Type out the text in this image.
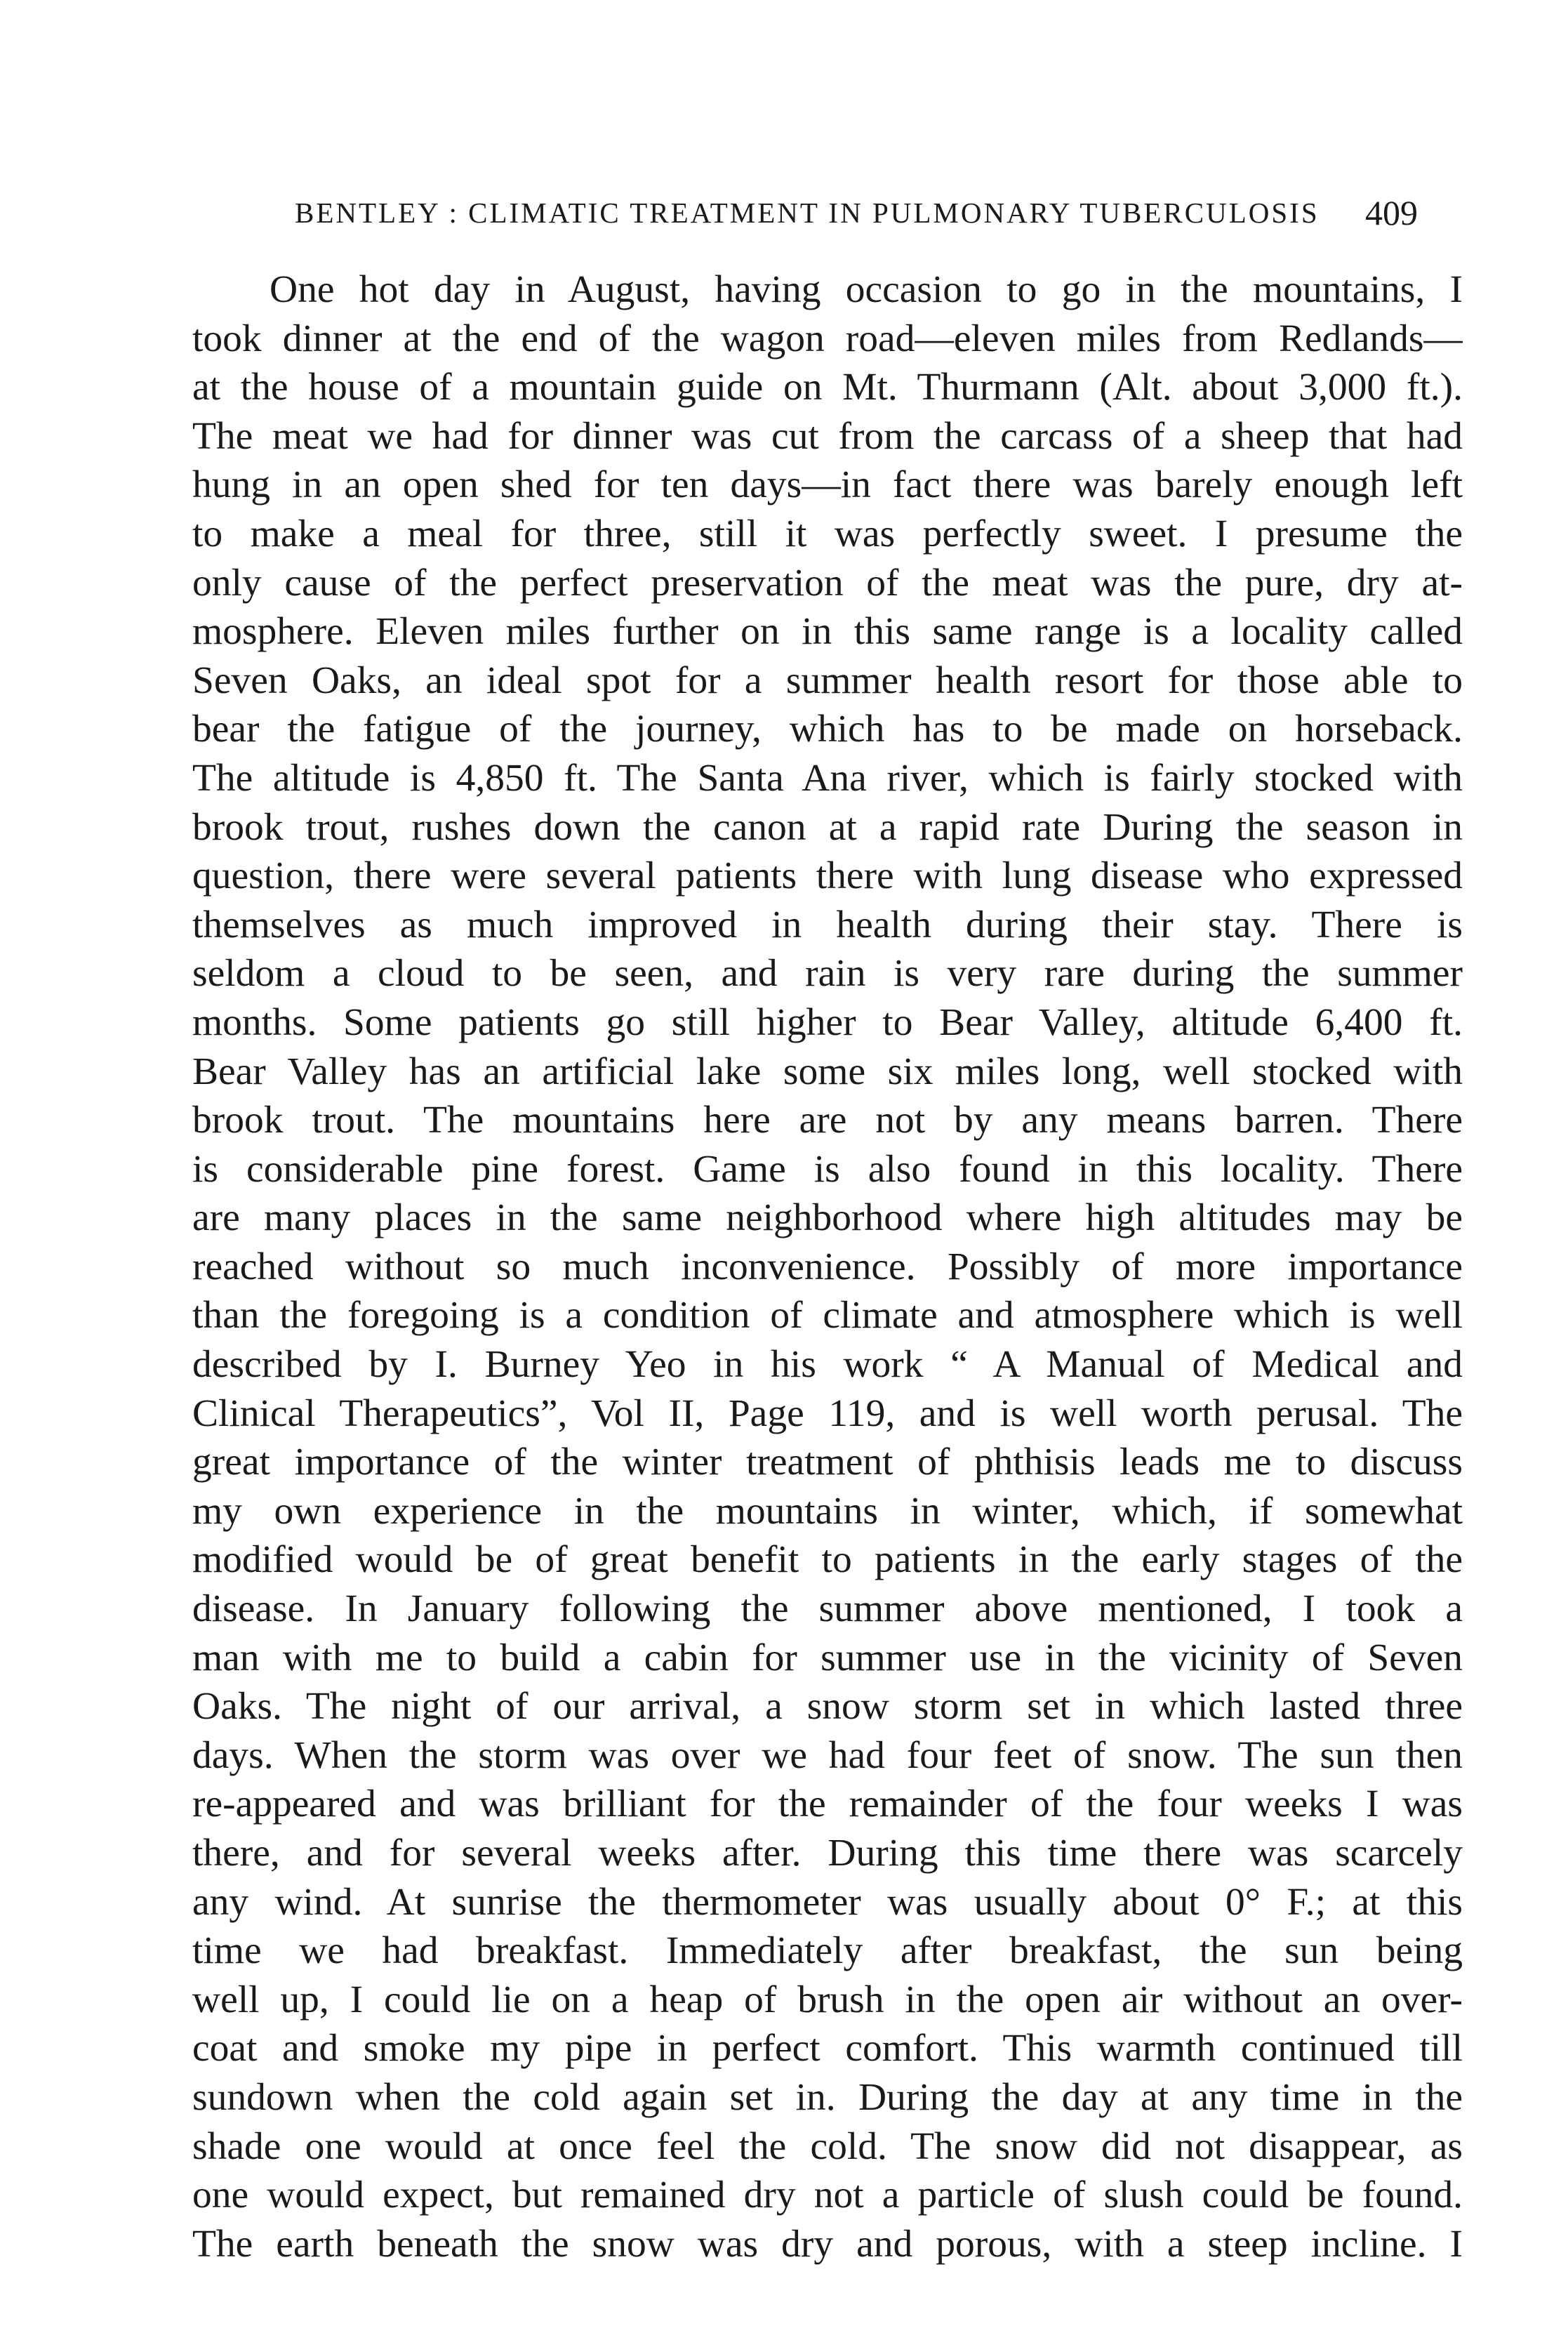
BENTLEY : CLIMATIC TREATMENT IN PULMONARY TUBERCULOSIS 409
One hot day in August, having occasion to go in the mountains, I
took dinner at the end of the wagon road—eleven miles from Redlands—
at the house of a mountain guide on Mt. Thurmann (Alt. about 3,000 ft.).
The meat we had for dinner was cut from the carcass of a sheep that had
hung in an open shed for ten days—in fact there was barely enough left
to make a meal for three, still it was perfectly sweet. I presume the
only cause of the perfect preservation of the meat was the pure, dry at-
mosphere. Eleven miles further on in this same range is a locality called
Seven Oaks, an ideal spot for a summer health resort for those able to
bear the fatigue of the journey, which has to be made on horseback.
The altitude is 4,850 ft. The Santa Ana river, which is fairly stocked with
brook trout, rushes down the canon at a rapid rate During the season in
question, there were several patients there with lung disease who expressed
themselves as much improved in health during their stay. There is
seldom a cloud to be seen, and rain is very rare during the summer
months. Some patients go still higher to Bear Valley, altitude 6,400 ft.
Bear Valley has an artificial lake some six miles long, well stocked with
brook trout. The mountains here are not by any means barren. There
is considerable pine forest. Game is also found in this locality. There
are many places in the same neighborhood where high altitudes may be
reached without so much inconvenience. Possibly of more importance
than the foregoing is a condition of climate and atmosphere which is well
described by I. Burney Yeo in his work “ A Manual of Medical and
Clinical Therapeutics”, Vol II, Page 119, and is well worth perusal. The
great importance of the winter treatment of phthisis leads me to discuss
my own experience in the mountains in winter, which, if somewhat
modified would be of great benefit to patients in the early stages of the
disease. In January following the summer above mentioned, I took a
man with me to build a cabin for summer use in the vicinity of Seven
Oaks. The night of our arrival, a snow storm set in which lasted three
days. When the storm was over we had four feet of snow. The sun then
re-appeared and was brilliant for the remainder of the four weeks I was
there, and for several weeks after. During this time there was scarcely
any wind. At sunrise the thermometer was usually about 0° F.; at this
time we had breakfast. Immediately after breakfast, the sun being
well up, I could lie on a heap of brush in the open air without an over-
coat and smoke my pipe in perfect comfort. This warmth continued till
sundown when the cold again set in. During the day at any time in the
shade one would at once feel the cold. The snow did not disappear, as
one would expect, but remained dry not a particle of slush could be found.
The earth beneath the snow was dry and porous, with a steep incline. I
